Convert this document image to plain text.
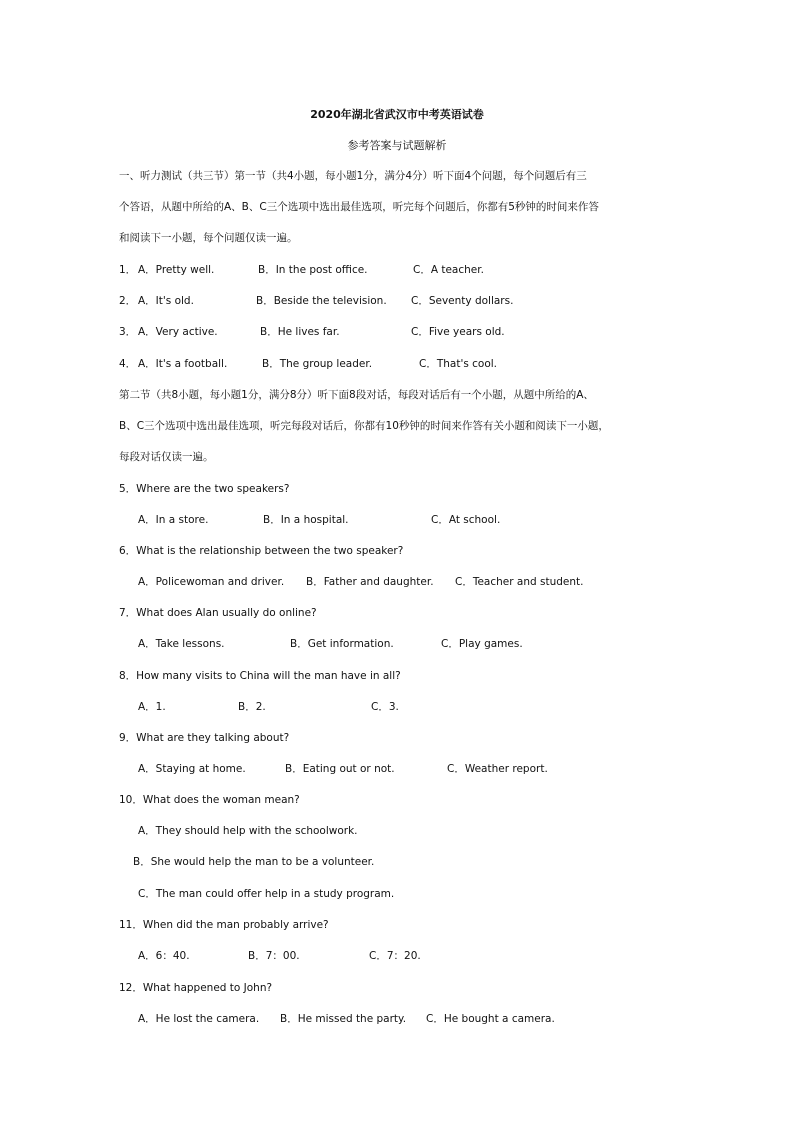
2020年湖北省武汉市中考英语试卷
参考答案与试题解析
一、听力测试（共三节）第一节（共4小题，每小题1分，满分4分）听下面4个问题，每个问题后有三
个答语，从题中所给的A、B、C三个选项中选出最佳选项，听完每个问题后，你都有5秒钟的时间来作答
和阅读下一小题，每个问题仅读一遍。
1． A．Pretty well.	B．In the post office.	C．A teacher.
2． A．It's old.	B．Beside the television. C．Seventy dollars.
3． A．Very active.	B．He lives far.	C．Five years old.
4． A．It's a football.	B．The group leader.	C．That's cool.
第二节（共8小题，每小题1分，满分8分）听下面8段对话，每段对话后有一个小题，从题中所给的A、
B、C三个选项中选出最佳选项，听完每段对话后，你都有10秒钟的时间来作答有关小题和阅读下一小题，
每段对话仅读一遍。
5．Where are the two speakers?
A．In a store.	B．In a hospital.	C．At school.
6．What is the relationship between the two speaker?
A．Policewoman and driver. B．Father and daughter. C．Teacher and student.
7．What does Alan usually do online?
A．Take lessons.	B．Get information.	C．Play games.
8．How many visits to China will the man have in all?
A．1.	B．2.	C．3.
9．What are they talking about?
A．Staying at home.	B．Eating out or not.	C．Weather report.
10．What does the woman mean?
A．They should help with the schoolwork.
B．She would help the man to be a volunteer.
C．The man could offer help in a study program.
11．When did the man probably arrive?
A．6：40.	B．7：00.	C．7：20.
12．What happened to John?
A．He lost the camera. B．He missed the party. C．He bought a camera.
